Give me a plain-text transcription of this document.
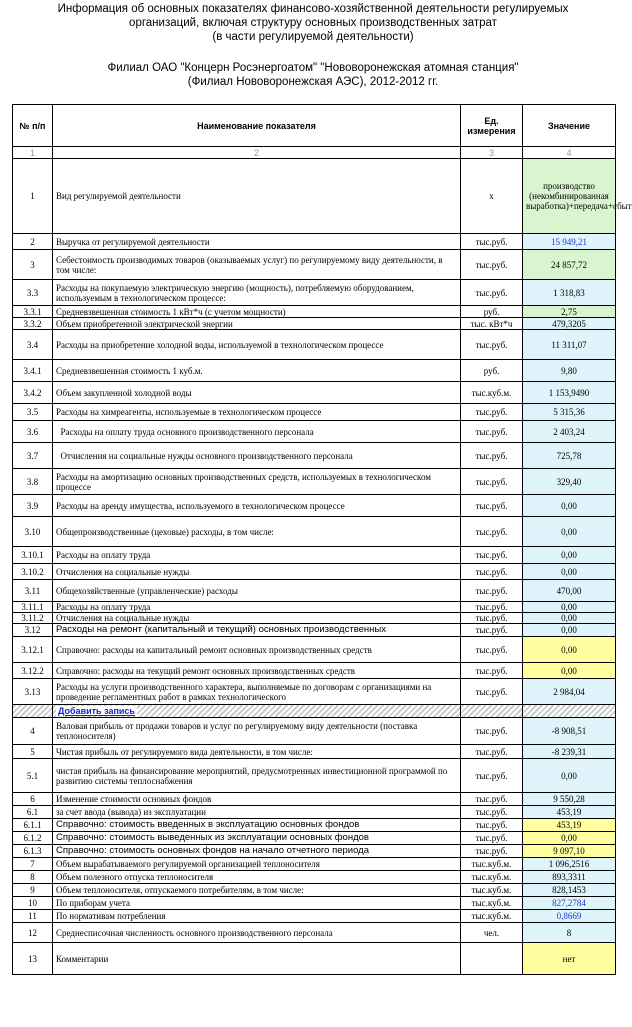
Информация об основных показателях финансово-хозяйственной деятельности регулируемых
организаций, включая структуру основных производственных затрат
(в части регулируемой деятельности)
Филиал ОАО "Концерн Росэнергоатом" "Нововоронежская атомная станция"
(Филиал Нововоронежская АЭС), 2012-2012 гг.
№ п/п	Наименование показателя	Ед. измерения	Значение
1	2	3	4
1	Вид регулируемой деятельности	х	производство (некомбинированная выработка)+передача+сбыт
2	Выручка от регулируемой деятельности	тыс.руб.	15 949,21
3	Себестоимость производимых товаров (оказываемых услуг) по регулируемому виду деятельности, в том числе:	тыс.руб.	24 857,72
3.3	Расходы на покупаемую электрическую энергию (мощность), потребляемую оборудованием, используемым в технологическом процессе:	тыс.руб.	1 318,83
3.3.1	Средневзвешенная стоимость 1 кВт*ч (с учетом мощности)	руб.	2,75
3.3.2	Объем приобретенной электрической энергии	тыс. кВт*ч	479,3205
3.4	Расходы на приобретение холодной воды, используемой в технологическом процессе	тыс.руб.	11 311,07
3.4.1	Средневзвешенная стоимость 1 куб.м.	руб.	9,80
3.4.2	Объем закупленной холодной воды	тыс.куб.м.	1 153,9490
3.5	Расходы на химреагенты, используемые в технологическом процессе	тыс.руб.	5 315,36
3.6	Расходы на оплату труда основного производственного персонала	тыс.руб.	2 403,24
3.7	Отчисления на социальные нужды основного производственного персонала	тыс.руб.	725,78
3.8	Расходы на амортизацию основных производственных средств, используемых в технологическом процессе	тыс.руб.	329,40
3.9	Расходы на аренду имущества, используемого в технологическом процессе	тыс.руб.	0,00
3.10	Общепроизводственные (цеховые) расходы, в том числе:	тыс.руб.	0,00
3.10.1	Расходы на оплату труда	тыс.руб.	0,00
3.10.2	Отчисления на социальные нужды	тыс.руб.	0,00
3.11	Общехозяйственные (управленческие) расходы	тыс.руб.	470,00
3.11.1	Расходы на оплату труда	тыс.руб.	0,00
3.11.2	Отчисления на социальные нужды	тыс.руб.	0,00
3.12	Расходы на ремонт (капитальный и текущий) основных производственных	тыс.руб.	0,00
3.12.1	Справочно: расходы на капитальный ремонт основных производственных средств	тыс.руб.	0,00
3.12.2	Справочно: расходы на текущий ремонт основных производственных средств	тыс.руб.	0,00
3.13	Расходы на услуги производственного характера, выполняемые по договорам с организациями на проведение регламентных работ в рамках технологического	тыс.руб.	2 984,04
	Добавить запись		
4	Валовая прибыль от продажи товаров и услуг по регулируемому виду деятельности (поставка теплоносителя)	тыс.руб.	-8 908,51
5	Чистая прибыль от регулируемого вида деятельности, в том числе:	тыс.руб.	-8 239,31
5.1	чистая прибыль на финансирование мероприятий, предусмотренных инвестиционной программой по развитию системы теплоснабжения	тыс.руб.	0,00
6	Изменение стоимости основных фондов	тыс.руб.	9 550,28
6.1	за счет ввода (вывода) из эксплуатации	тыс.руб.	453,19
6.1.1	Справочно: стоимость введенных в эксплуатацию основных фондов	тыс.руб.	453,19
6.1.2	Справочно: стоимость выведенных из эксплуатации основных фондов	тыс.руб.	0,00
6.1.3	Справочно: стоимость основных фондов на начало отчетного периода	тыс.руб.	9 097,10
7	Объем вырабатываемого регулируемой организацией теплоносителя	тыс.куб.м.	1 096,2516
8	Объем полезного отпуска теплоносителя	тыс.куб.м.	893,3311
9	Объем теплоносителя, отпускаемого потребителям, в том числе:	тыс.куб.м.	828,1453
10	По приборам учета	тыс.куб.м.	827,2784
11	По нормативам потребления	тыс.куб.м.	0,8669
12	Среднесписочная численность основного производственного персонала	чел.	8
13	Комментарии		нет
